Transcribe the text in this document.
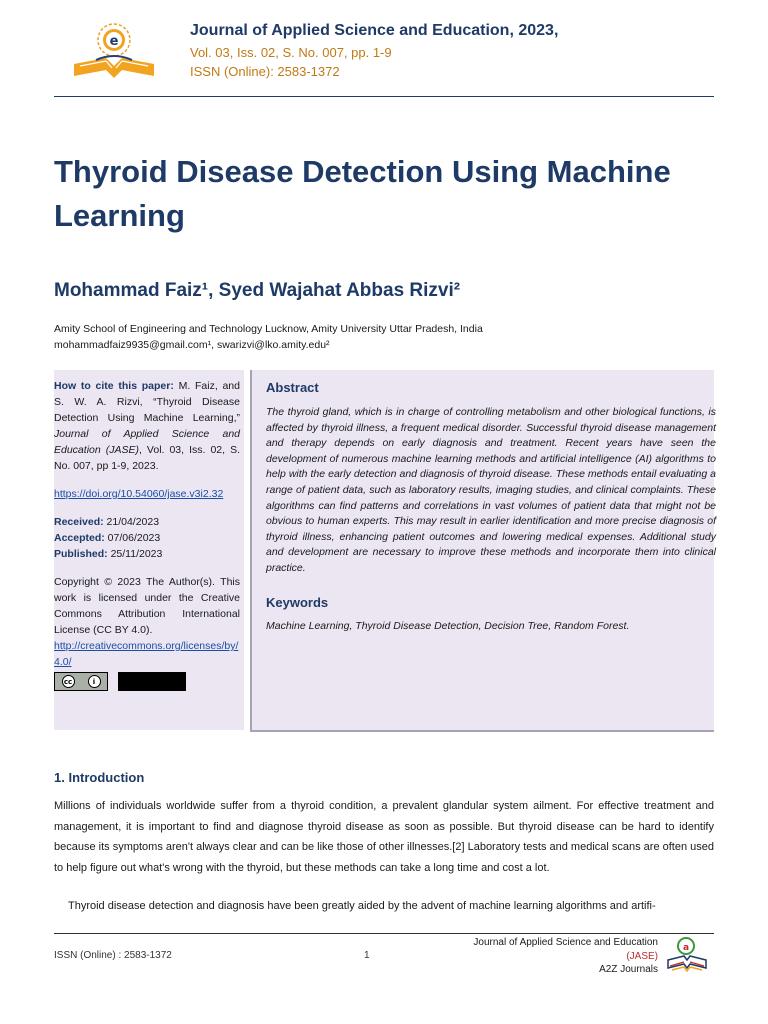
e
Journal of Applied Science and Education, 2023,
Vol. 03, Iss. 02, S. No. 007, pp. 1-9
ISSN (Online): 2583-1372
Thyroid Disease Detection Using Machine Learning
Mohammad Faiz¹, Syed Wajahat Abbas Rizvi²
Amity School of Engineering and Technology Lucknow, Amity University Uttar Pradesh, India
mohammadfaiz9935@gmail.com¹, swarizvi@lko.amity.edu²
How to cite this paper: M. Faiz, and S. W. A. Rizvi, “Thyroid Disease Detection Using Machine Learning,” Journal of Applied Science and Education (JASE), Vol. 03, Iss. 02, S. No. 007, pp 1-9, 2023.
https://doi.org/10.54060/jase.v3i2.32
Received: 21/04/2023
Accepted: 07/06/2023
Published: 25/11/2023
Copyright © 2023 The Author(s). This work is licensed under the Creative Commons Attribution International License (CC BY 4.0).
http://creativecommons.org/licenses/by/4.0/
cc	i
Abstract
The thyroid gland, which is in charge of controlling metabolism and other biological functions, is affected by thyroid illness, a frequent medical disorder. Successful thyroid disease management and therapy depends on early diagnosis and treatment. Recent years have seen the development of numerous machine learning methods and artificial intelligence (AI) algorithms to help with the early detection and diagnosis of thyroid disease. These methods entail evaluating a range of patient data, such as laboratory results, imaging studies, and clinical complaints. These algorithms can find patterns and correlations in vast volumes of patient data that might not be obvious to human experts. This may result in earlier identification and more precise diagnosis of thyroid illness, enhancing patient outcomes and lowering medical expenses. Additional study and development are necessary to improve these methods and incorporate them into clinical practice.
Keywords
Machine Learning, Thyroid Disease Detection, Decision Tree, Random Forest.
1. Introduction
Millions of individuals worldwide suffer from a thyroid condition, a prevalent glandular system ailment. For effective treatment and management, it is important to find and diagnose thyroid disease as soon as possible. But thyroid disease can be hard to identify because its symptoms aren't always clear and can be like those of other illnesses.[2] Laboratory tests and medical scans are often used to help figure out what's wrong with the thyroid, but these methods can take a long time and cost a lot.
Thyroid disease detection and diagnosis have been greatly aided by the advent of machine learning algorithms and artifi-
ISSN (Online) : 2583-1372	1
Journal of Applied Science and Education
(JASE)
A2Z Journals
a
